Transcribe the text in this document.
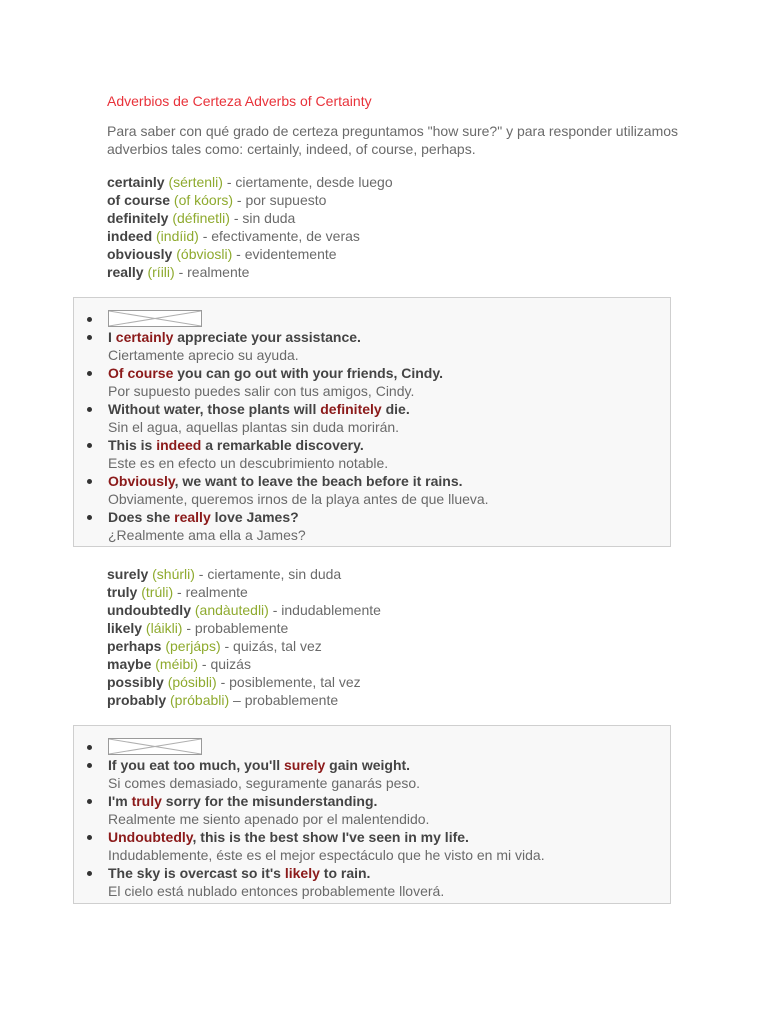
Adverbios de Certeza Adverbs of Certainty
Para saber con qué grado de certeza preguntamos "how sure?" y para responder utilizamos adverbios tales como: certainly, indeed, of course, perhaps.
certainly (sértenli) - ciertamente, desde luego
of course (of kóors) - por supuesto
definitely (définetli) - sin duda
indeed (indíid) - efectivamente, de veras
obviously (óbviosli) - evidentemente
really (ríili) - realmente
I certainly appreciate your assistance.
Ciertamente aprecio su ayuda.
Of course you can go out with your friends, Cindy.
Por supuesto puedes salir con tus amigos, Cindy.
Without water, those plants will definitely die.
Sin el agua, aquellas plantas sin duda morirán.
This is indeed a remarkable discovery.
Este es en efecto un descubrimiento notable.
Obviously, we want to leave the beach before it rains.
Obviamente, queremos irnos de la playa antes de que llueva.
Does she really love James?
¿Realmente ama ella a James?
surely (shúrli) - ciertamente, sin duda
truly (trúli) - realmente
undoubtedly (andàutedli) - indudablemente
likely (láikli) - probablemente
perhaps (perjáps) - quizás, tal vez
maybe (méibi) - quizás
possibly (pósibli) - posiblemente, tal vez
probably (próbabli) – probablemente
If you eat too much, you'll surely gain weight.
Si comes demasiado, seguramente ganarás peso.
I'm truly sorry for the misunderstanding.
Realmente me siento apenado por el malentendido.
Undoubtedly, this is the best show I've seen in my life.
Indudablemente, éste es el mejor espectáculo que he visto en mi vida.
The sky is overcast so it's likely to rain.
El cielo está nublado entonces probablemente lloverá.
